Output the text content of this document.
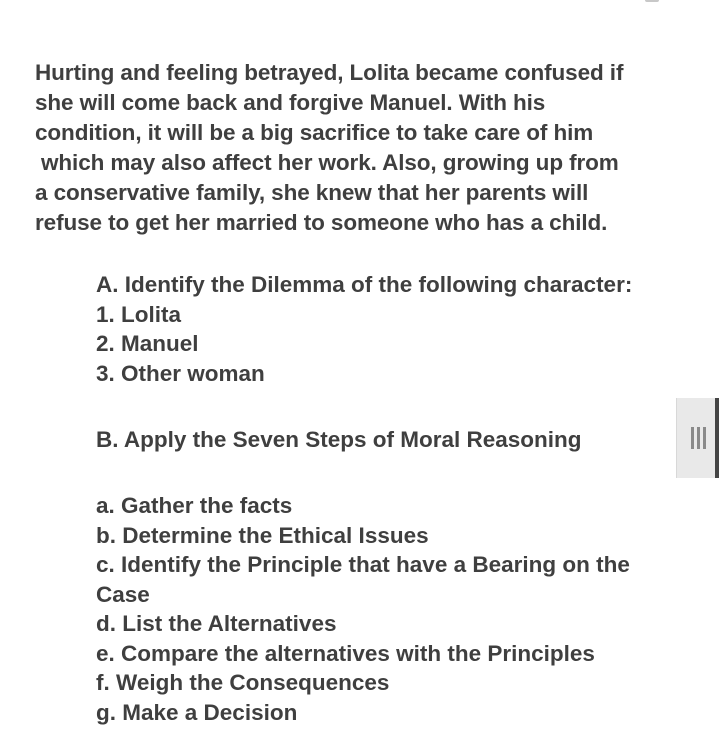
Hurting and feeling betrayed, Lolita became confused if
she will come back and forgive Manuel. With his
condition, it will be a big sacrifice to take care of him
which may also affect her work. Also, growing up from
a conservative family, she knew that her parents will
refuse to get her married to someone who has a child.

A. Identify the Dilemma of the following character:
1. Lolita
2. Manuel
3. Other woman
B. Apply the Seven Steps of Moral Reasoning
a. Gather the facts
b. Determine the Ethical Issues
c. Identify the Principle that have a Bearing on the
Case
d. List the Alternatives
e. Compare the alternatives with the Principles
f. Weigh the Consequences
g. Make a Decision
